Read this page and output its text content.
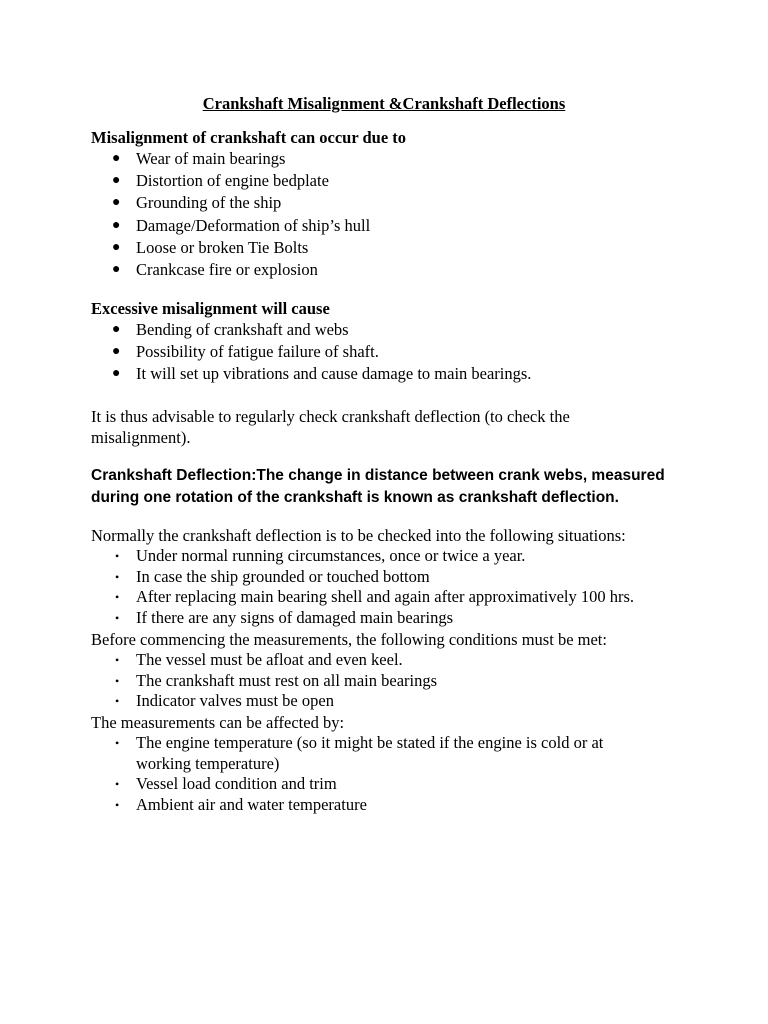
Crankshaft Misalignment &Crankshaft Deflections
Misalignment of crankshaft can occur due to
● Wear of main bearings
● Distortion of engine bedplate
● Grounding of the ship
● Damage/Deformation of ship’s hull
● Loose or broken Tie Bolts
● Crankcase fire or explosion
Excessive misalignment will cause
● Bending of crankshaft and webs
● Possibility of fatigue failure of shaft.
● It will set up vibrations and cause damage to main bearings.
It is thus advisable to regularly check crankshaft deflection (to check the misalignment).
Crankshaft Deflection:The change in distance between crank webs, measured during one rotation of the crankshaft is known as crankshaft deflection.
Normally the crankshaft deflection is to be checked into the following situations:
• Under normal running circumstances, once or twice a year.
• In case the ship grounded or touched bottom
• After replacing main bearing shell and again after approximatively 100 hrs.
• If there are any signs of damaged main bearings
Before commencing the measurements, the following conditions must be met:
• The vessel must be afloat and even keel.
• The crankshaft must rest on all main bearings
• Indicator valves must be open
The measurements can be affected by:
• The engine temperature (so it might be stated if the engine is cold or at working temperature)
• Vessel load condition and trim
• Ambient air and water temperature
